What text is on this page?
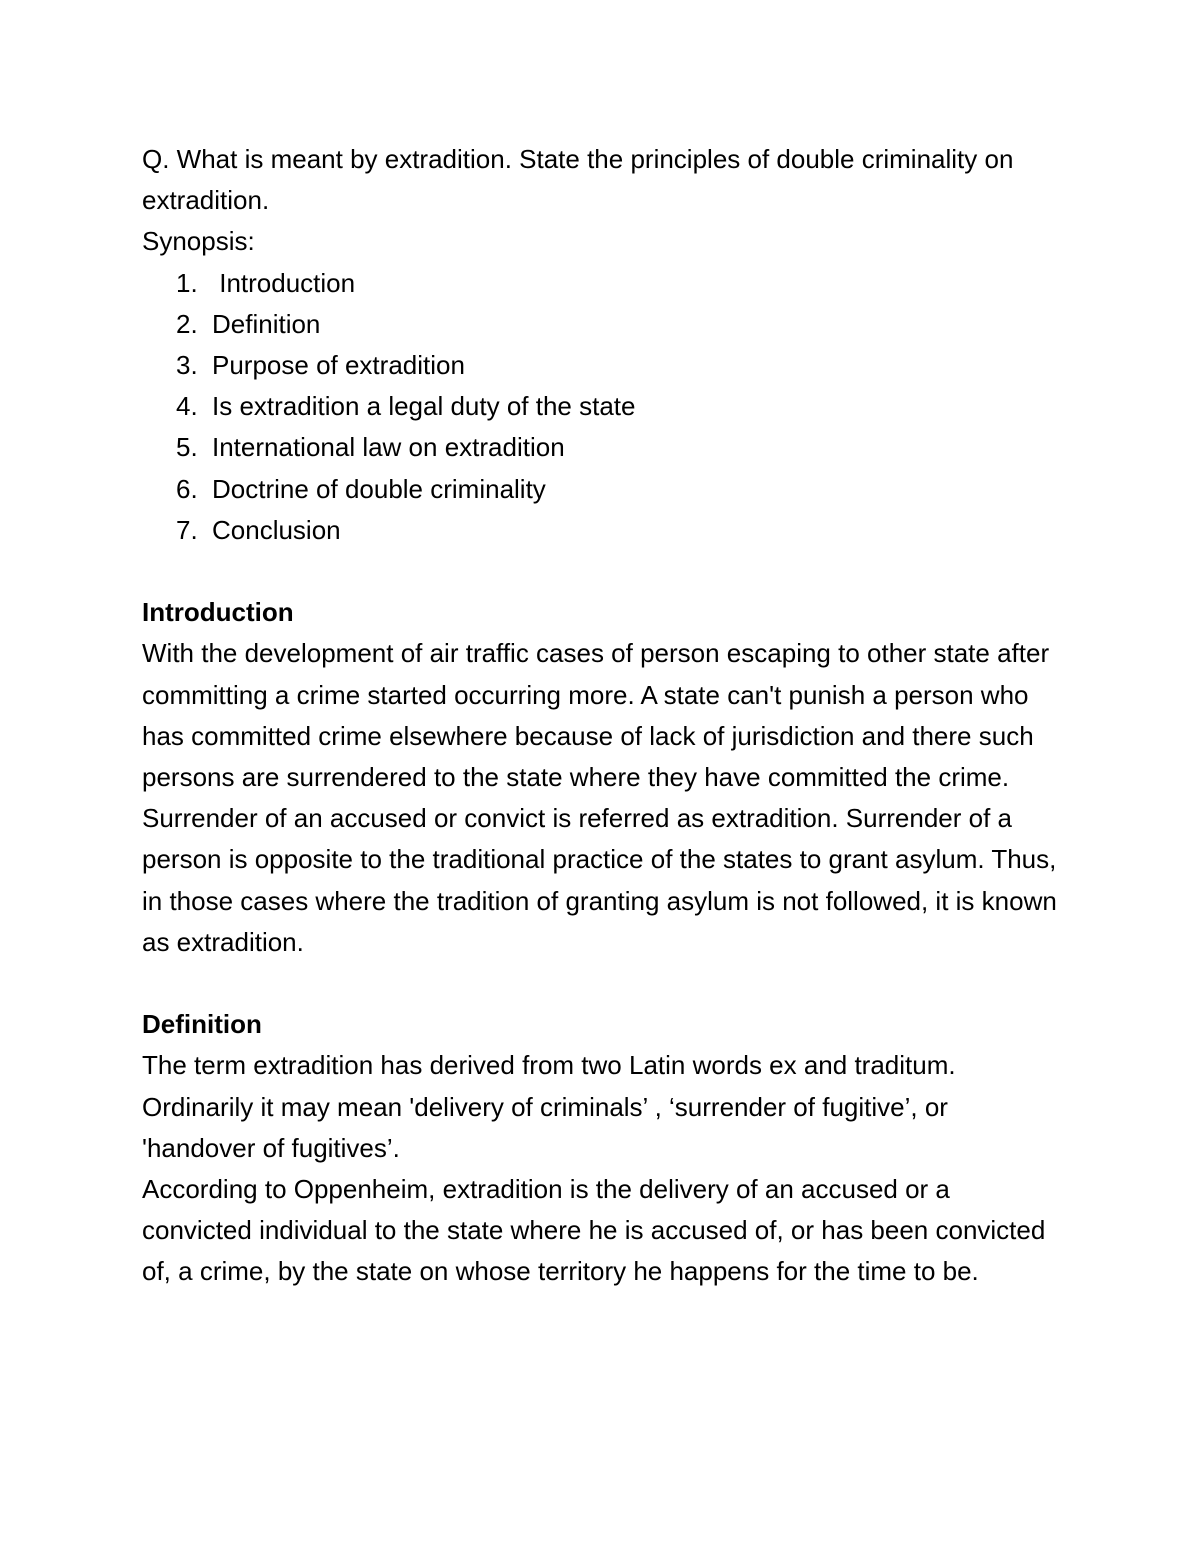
Q. What is meant by extradition. State the principles of double criminality on extradition.

Synopsis:

1. Introduction
2. Definition
3. Purpose of extradition
4. Is extradition a legal duty of the state
5. International law on extradition
6. Doctrine of double criminality
7. Conclusion

Introduction

With the development of air traffic cases of person escaping to other state after committing a crime started occurring more. A state can't punish a person who has committed crime elsewhere because of lack of jurisdiction and there such persons are surrendered to the state where they have committed the crime. Surrender of an accused or convict is referred as extradition. Surrender of a person is opposite to the traditional practice of the states to grant asylum. Thus, in those cases where the tradition of granting asylum is not followed, it is known as extradition.

Definition

The term extradition has derived from two Latin words ex and traditum. Ordinarily it may mean 'delivery of criminals’ , ‘surrender of fugitive’, or 'handover of fugitives’.

According to Oppenheim, extradition is the delivery of an accused or a convicted individual to the state where he is accused of, or has been convicted of, a crime, by the state on whose territory he happens for the time to be.
